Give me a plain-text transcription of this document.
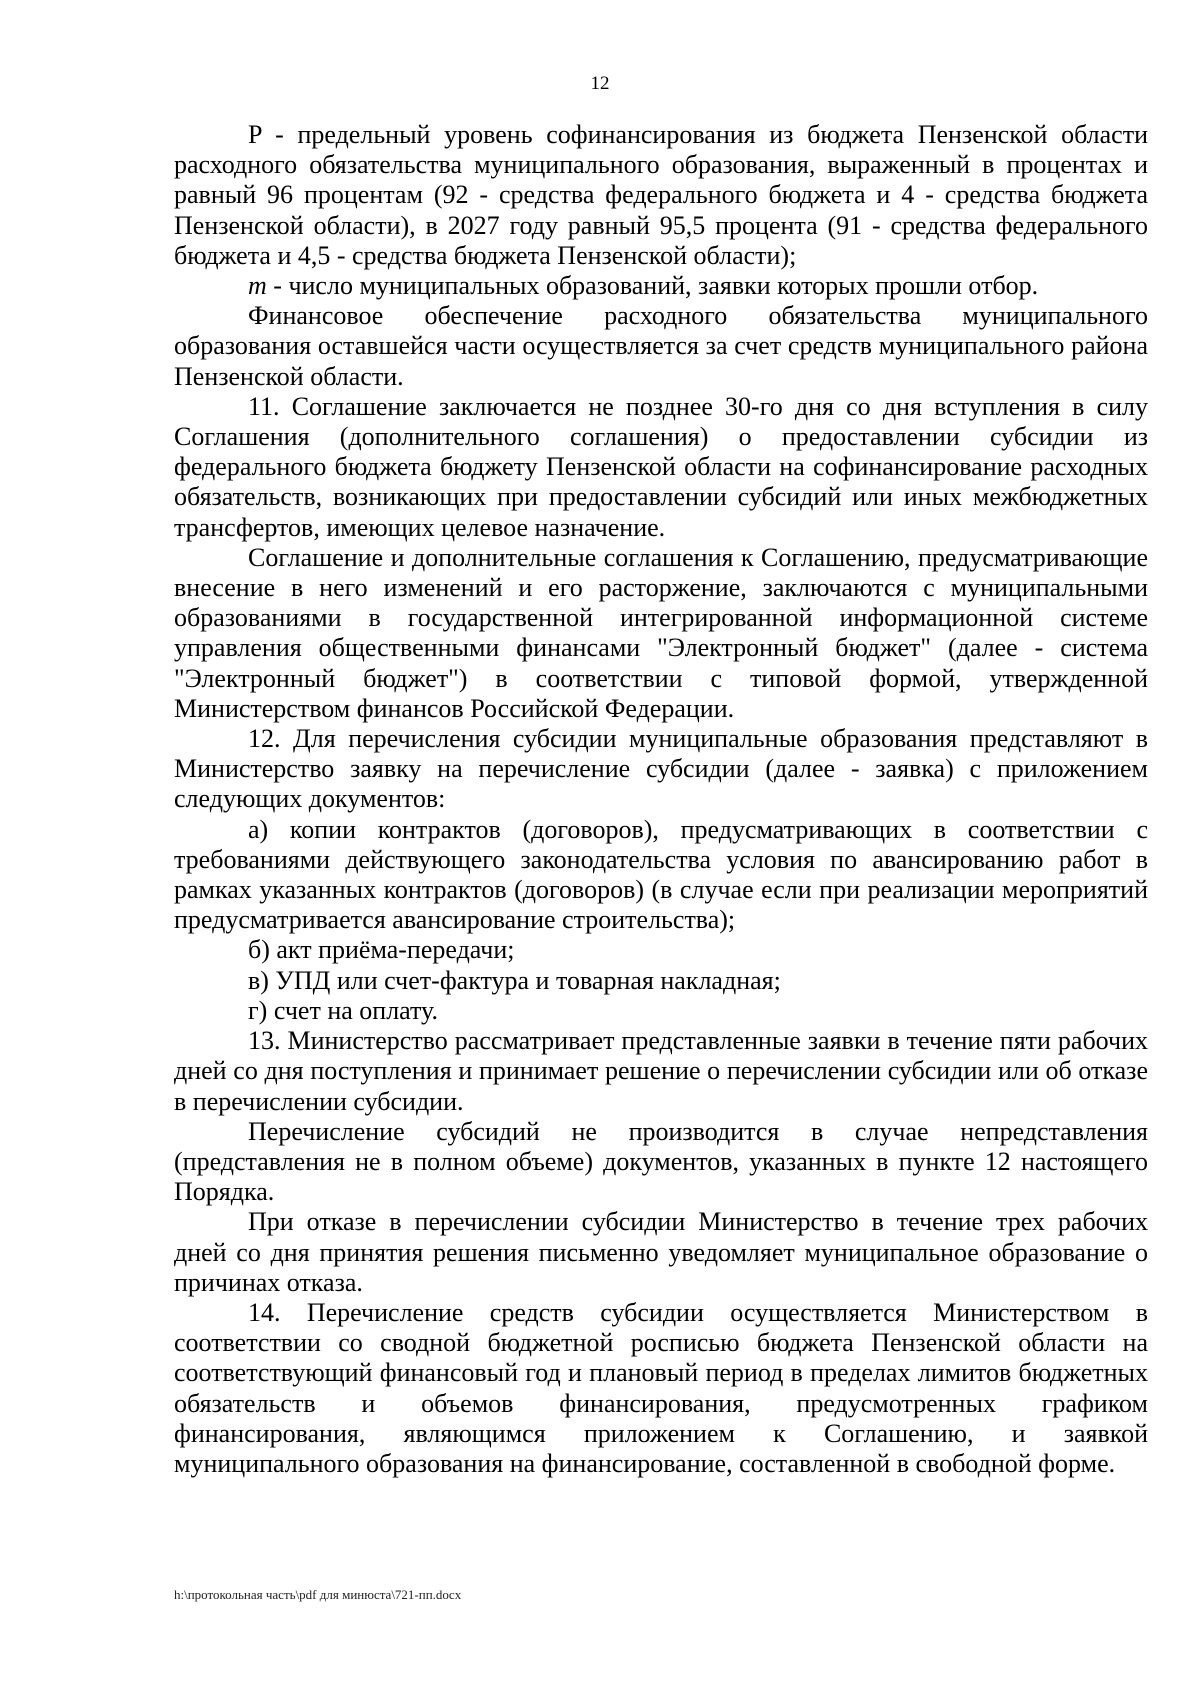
12

P - предельный уровень софинансирования из бюджета Пензенской области расходного обязательства муниципального образования, выраженный в процентах и равный 96 процентам (92 - средства федерального бюджета и 4 - средства бюджета Пензенской области), в 2027 году равный 95,5 процента (91 - средства федерального бюджета и 4,5 - средства бюджета Пензенской области);

m - число муниципальных образований, заявки которых прошли отбор.

Финансовое обеспечение расходного обязательства муниципального образования оставшейся части осуществляется за счет средств муниципального района Пензенской области.

11. Соглашение заключается не позднее 30-го дня со дня вступления в силу Соглашения (дополнительного соглашения) о предоставлении субсидии из федерального бюджета бюджету Пензенской области на софинансирование расходных обязательств, возникающих при предоставлении субсидий или иных межбюджетных трансфертов, имеющих целевое назначение.

Соглашение и дополнительные соглашения к Соглашению, предусматривающие внесение в него изменений и его расторжение, заключаются с муниципальными образованиями в государственной интегрированной информационной системе управления общественными финансами "Электронный бюджет" (далее - система "Электронный бюджет") в соответствии с типовой формой, утвержденной Министерством финансов Российской Федерации.

12. Для перечисления субсидии муниципальные образования представляют в Министерство заявку на перечисление субсидии (далее - заявка) с приложением следующих документов:

а) копии контрактов (договоров), предусматривающих в соответствии с требованиями действующего законодательства условия по авансированию работ в рамках указанных контрактов (договоров) (в случае если при реализации мероприятий предусматривается авансирование строительства);

б) акт приёма-передачи;

в) УПД или счет-фактура и товарная накладная;

г) счет на оплату.

13. Министерство рассматривает представленные заявки в течение пяти рабочих дней со дня поступления и принимает решение о перечислении субсидии или об отказе в перечислении субсидии.

Перечисление субсидий не производится в случае непредставления (представления не в полном объеме) документов, указанных в пункте 12 настоящего Порядка.

При отказе в перечислении субсидии Министерство в течение трех рабочих дней со дня принятия решения письменно уведомляет муниципальное образование о причинах отказа.

14. Перечисление средств субсидии осуществляется Министерством в соответствии со сводной бюджетной росписью бюджета Пензенской области на соответствующий финансовый год и плановый период в пределах лимитов бюджетных обязательств и объемов финансирования, предусмотренных графиком финансирования, являющимся приложением к Соглашению, и заявкой муниципального образования на финансирование, составленной в свободной форме.

h:\протокольная часть\pdf для минюста\721-пп.docx
